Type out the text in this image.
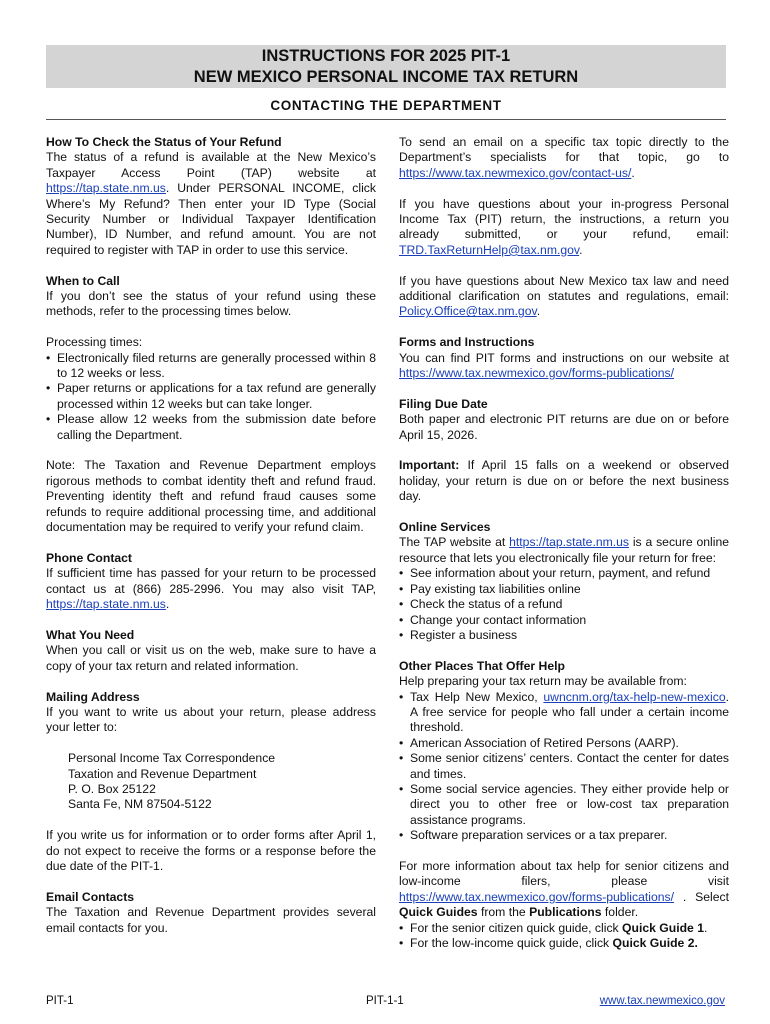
INSTRUCTIONS FOR 2025 PIT-1
NEW MEXICO PERSONAL INCOME TAX RETURN
CONTACTING THE DEPARTMENT

How To Check the Status of Your Refund
The status of a refund is available at the New Mexico’s Taxpayer Access Point (TAP) website at https://tap.state.nm.us. Under PERSONAL INCOME, click Where’s My Refund? Then enter your ID Type (Social Security Number or Individual Taxpayer Identification Number), ID Number, and refund amount. You are not required to register with TAP in order to use this service.

When to Call
If you don’t see the status of your refund using these methods, refer to the processing times below.

Processing times:

• Electronically filed returns are generally processed within 8 to 12 weeks or less.
• Paper returns or applications for a tax refund are generally processed within 12 weeks but can take longer.
• Please allow 12 weeks from the submission date before calling the Department.

Note: The Taxation and Revenue Department employs rigorous methods to combat identity theft and refund fraud. Preventing identity theft and refund fraud causes some refunds to require additional processing time, and additional documentation may be required to verify your refund claim.

Phone Contact
If sufficient time has passed for your return to be processed contact us at (866) 285-2996. You may also visit TAP, https://tap.state.nm.us.

What You Need
When you call or visit us on the web, make sure to have a copy of your tax return and related information.

Mailing Address
If you want to write us about your return, please address your letter to:

Personal Income Tax Correspondence
Taxation and Revenue Department
P. O. Box 25122
Santa Fe, NM 87504-5122

If you write us for information or to order forms after April 1, do not expect to receive the forms or a response before the due date of the PIT-1.

Email Contacts
The Taxation and Revenue Department provides several email contacts for you.

To send an email on a specific tax topic directly to the Department’s specialists for that topic, go to https://www.tax.newmexico.gov/contact-us/.

If you have questions about your in-progress Personal Income Tax (PIT) return, the instructions, a return you already submitted, or your refund, email: TRD.TaxReturnHelp@tax.nm.gov.

If you have questions about New Mexico tax law and need additional clarification on statutes and regulations, email: Policy.Office@tax.nm.gov.

Forms and Instructions
You can find PIT forms and instructions on our website at https://www.tax.newmexico.gov/forms-publications/

Filing Due Date
Both paper and electronic PIT returns are due on or before April 15, 2026.

Important: If April 15 falls on a weekend or observed holiday, your return is due on or before the next business day.

Online Services
The TAP website at https://tap.state.nm.us is a secure online resource that lets you electronically file your return for free:

• See information about your return, payment, and refund
• Pay existing tax liabilities online
• Check the status of a refund
• Change your contact information
• Register a business

Other Places That Offer Help
Help preparing your tax return may be available from:

• Tax Help New Mexico, uwncnm.org/tax-help-new-mexico. A free service for people who fall under a certain income threshold.
• American Association of Retired Persons (AARP).
• Some senior citizens’ centers. Contact the center for dates and times.
• Some social service agencies. They either provide help or direct you to other free or low-cost tax preparation assistance programs.
• Software preparation services or a tax preparer.

For more information about tax help for senior citizens and low-income filers, please visit https://www.tax.newmexico.gov/forms-publications/ . Select Quick Guides from the Publications folder.

• For the senior citizen quick guide, click Quick Guide 1.
• For the low-income quick guide, click Quick Guide 2.
PIT-1	PIT-1-1	www.tax.newmexico.gov
